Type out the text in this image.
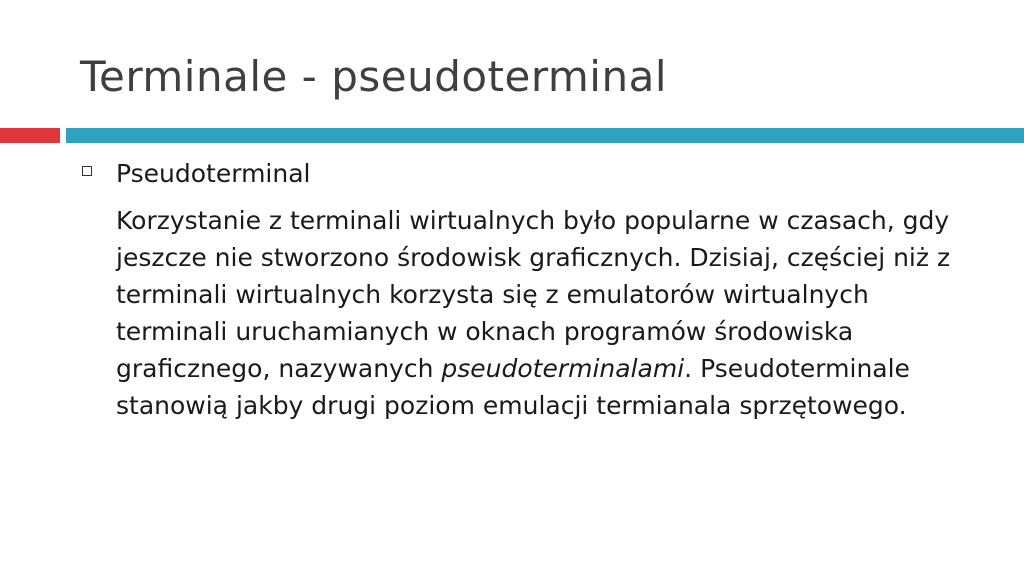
Terminale - pseudoterminal
Pseudoterminal

Korzystanie z terminali wirtualnych było popularne w czasach, gdy jeszcze nie stworzono środowisk graficznych. Dzisiaj, częściej niż z terminali wirtualnych korzysta się z emulatorów wirtualnych terminali uruchamianych w oknach programów środowiska graficznego, nazywanych pseudoterminalami. Pseudoterminale stanowią jakby drugi poziom emulacji termianala sprzętowego.
